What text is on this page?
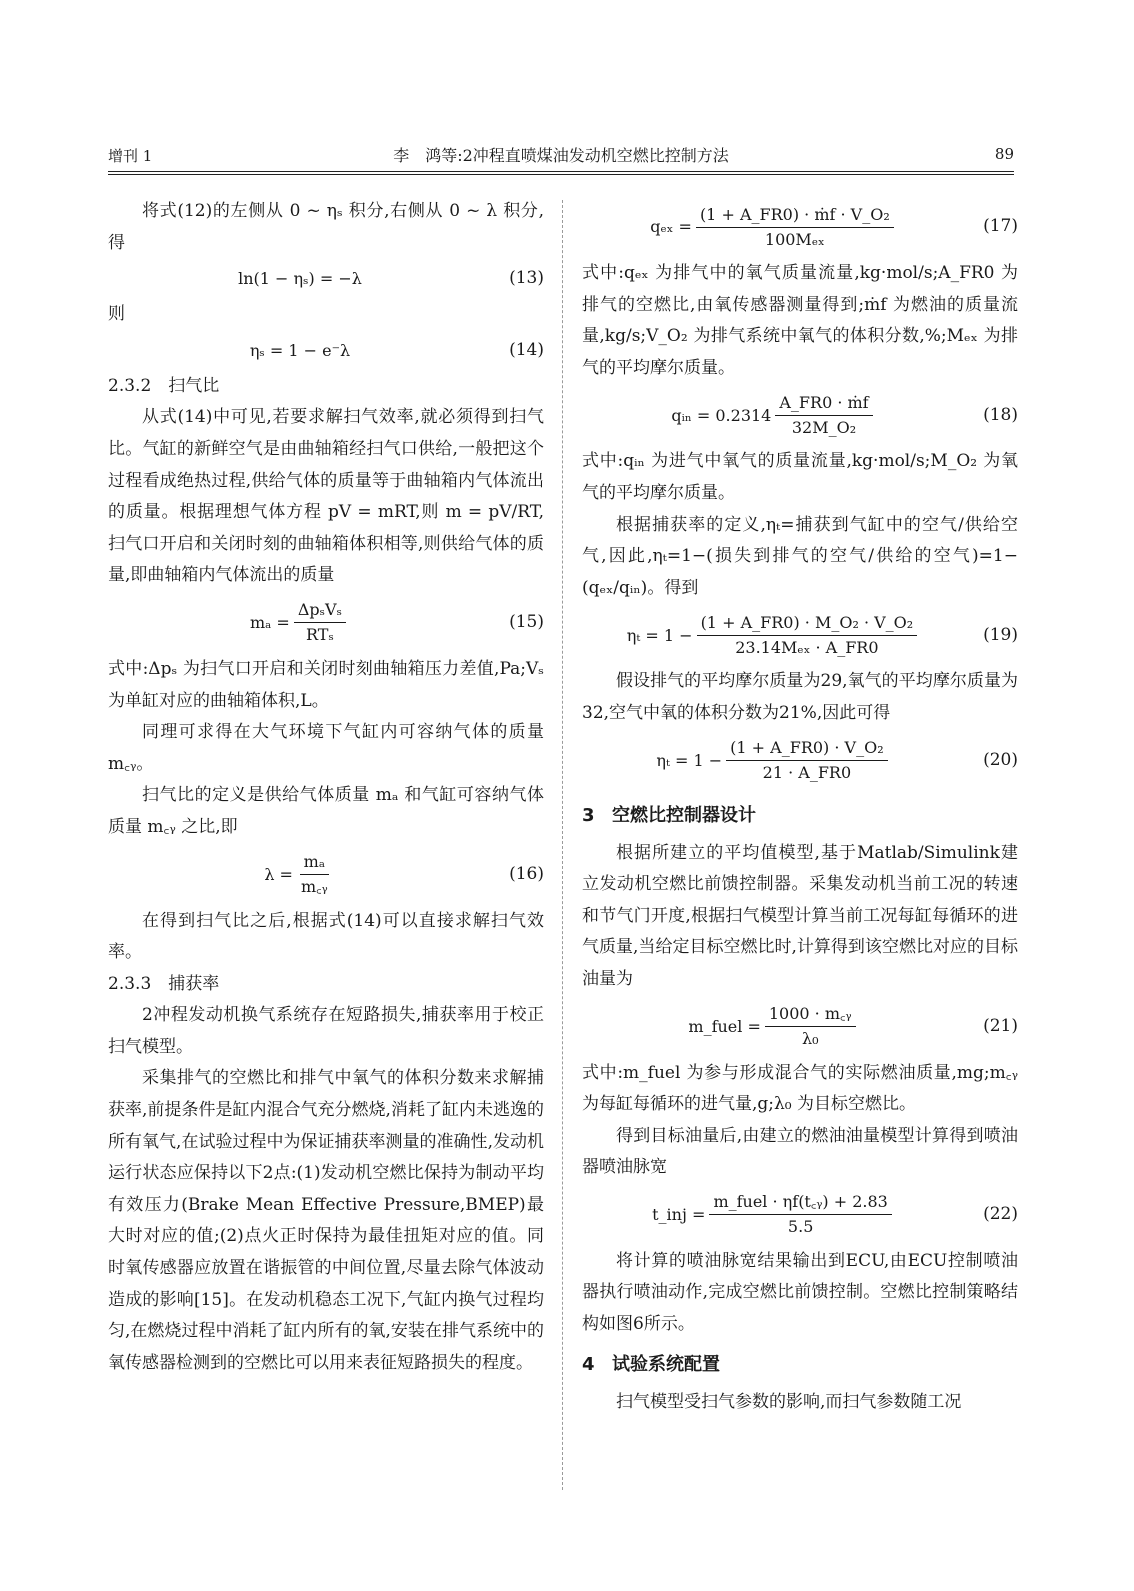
增刊 1	李　鸿等:2冲程直喷煤油发动机空燃比控制方法	89

将式(12)的左侧从 0 ~ ηₛ 积分,右侧从 0 ~ λ 积分,得

ln(1 − ηₛ) = −λ	(13)

则

ηₛ = 1 − e⁻λ	(14)

2.3.2　扫气比

从式(14)中可见,若要求解扫气效率,就必须得到扫气比。气缸的新鲜空气是由曲轴箱经扫气口供给,一般把这个过程看成绝热过程,供给气体的质量等于曲轴箱内气体流出的质量。根据理想气体方程 pV = mRT,则 m = pV/RT,扫气口开启和关闭时刻的曲轴箱体积相等,则供给气体的质量,即曲轴箱内气体流出的质量

$m_a = \frac{\text{ΔpₛVₛ}}{\text{RTₛ}}$	(15)

式中:Δpₛ 为扫气口开启和关闭时刻曲轴箱压力差值,Pa;Vₛ 为单缸对应的曲轴箱体积,L。

同理可求得在大气环境下气缸内可容纳气体的质量 m꜀ᵧ。

扫气比的定义是供给气体质量 mₐ 和气缸可容纳气体质量 m꜀ᵧ 之比,即

$\lambda = \frac{\text{mₐ}}{\text{m꜀ᵧ}}$	(16)

在得到扫气比之后,根据式(14)可以直接求解扫气效率。

2.3.3　捕获率

2冲程发动机换气系统存在短路损失,捕获率用于校正扫气模型。

采集排气的空燃比和排气中氧气的体积分数来求解捕获率,前提条件是缸内混合气充分燃烧,消耗了缸内未逃逸的所有氧气,在试验过程中为保证捕获率测量的准确性,发动机运行状态应保持以下2点:(1)发动机空燃比保持为制动平均有效压力(Brake Mean Effective Pressure,BMEP)最大时对应的值;(2)点火正时保持为最佳扭矩对应的值。同时氧传感器应放置在谐振管的中间位置,尽量去除气体波动造成的影响[15]。在发动机稳态工况下,气缸内换气过程均匀,在燃烧过程中消耗了缸内所有的氧,安装在排气系统中的氧传感器检测到的空燃比可以用来表征短路损失的程度。

$q_{ex} = \frac{\text{(1 + A\_FR0) · ṁf · V\_O₂}}{\text{100Mₑₓ}}$	(17)

式中:qₑₓ 为排气中的氧气质量流量,kg·mol/s;A_FR0 为排气的空燃比,由氧传感器测量得到;ṁf 为燃油的质量流量,kg/s;V_O₂ 为排气系统中氧气的体积分数,%;Mₑₓ 为排气的平均摩尔质量。

qᵢₙ = $0.2314 \frac{\text{A\_FR0 · ṁf}}{\text{32M\_O₂}}$	(18)

式中:qᵢₙ 为进气中氧气的质量流量,kg·mol/s;M_O₂ 为氧气的平均摩尔质量。

根据捕获率的定义,ηₜ=捕获到气缸中的空气/供给空气,因此,ηₜ=1−(损失到排气的空气/供给的空气)=1−(qₑₓ/qᵢₙ)。得到

$\eta_t = 1 - \frac{\text{(1 + A\_FR0) · M\_O₂ · V\_O₂}}{\text{23.14Mₑₓ · A\_FR0}}$	(19)

假设排气的平均摩尔质量为29,氧气的平均摩尔质量为32,空气中氧的体积分数为21%,因此可得

$\eta_t = 1 - \frac{\text{(1 + A\_FR0) · V\_O₂}}{21 \cdot A\_FR0}$	(20)
3 空燃比控制器设计

根据所建立的平均值模型,基于Matlab/Simulink建立发动机空燃比前馈控制器。采集发动机当前工况的转速和节气门开度,根据扫气模型计算当前工况每缸每循环的进气质量,当给定目标空燃比时,计算得到该空燃比对应的目标油量为

m_fuel = $\frac{\text{1000 · m꜀ᵧ}}{\text{λ₀}}$	(21)

式中:m_fuel 为参与形成混合气的实际燃油质量,mg;m꜀ᵧ 为每缸每循环的进气量,g;λ₀ 为目标空燃比。

得到目标油量后,由建立的燃油油量模型计算得到喷油器喷油脉宽

t_inj = $\frac{\text{m\_fuel · ηf(t꜀ᵧ) + 2.83}}{5.5}$	(22)

将计算的喷油脉宽结果输出到ECU,由ECU控制喷油器执行喷油动作,完成空燃比前馈控制。空燃比控制策略结构如图6所示。

4 试验系统配置

扫气模型受扫气参数的影响,而扫气参数随工况
